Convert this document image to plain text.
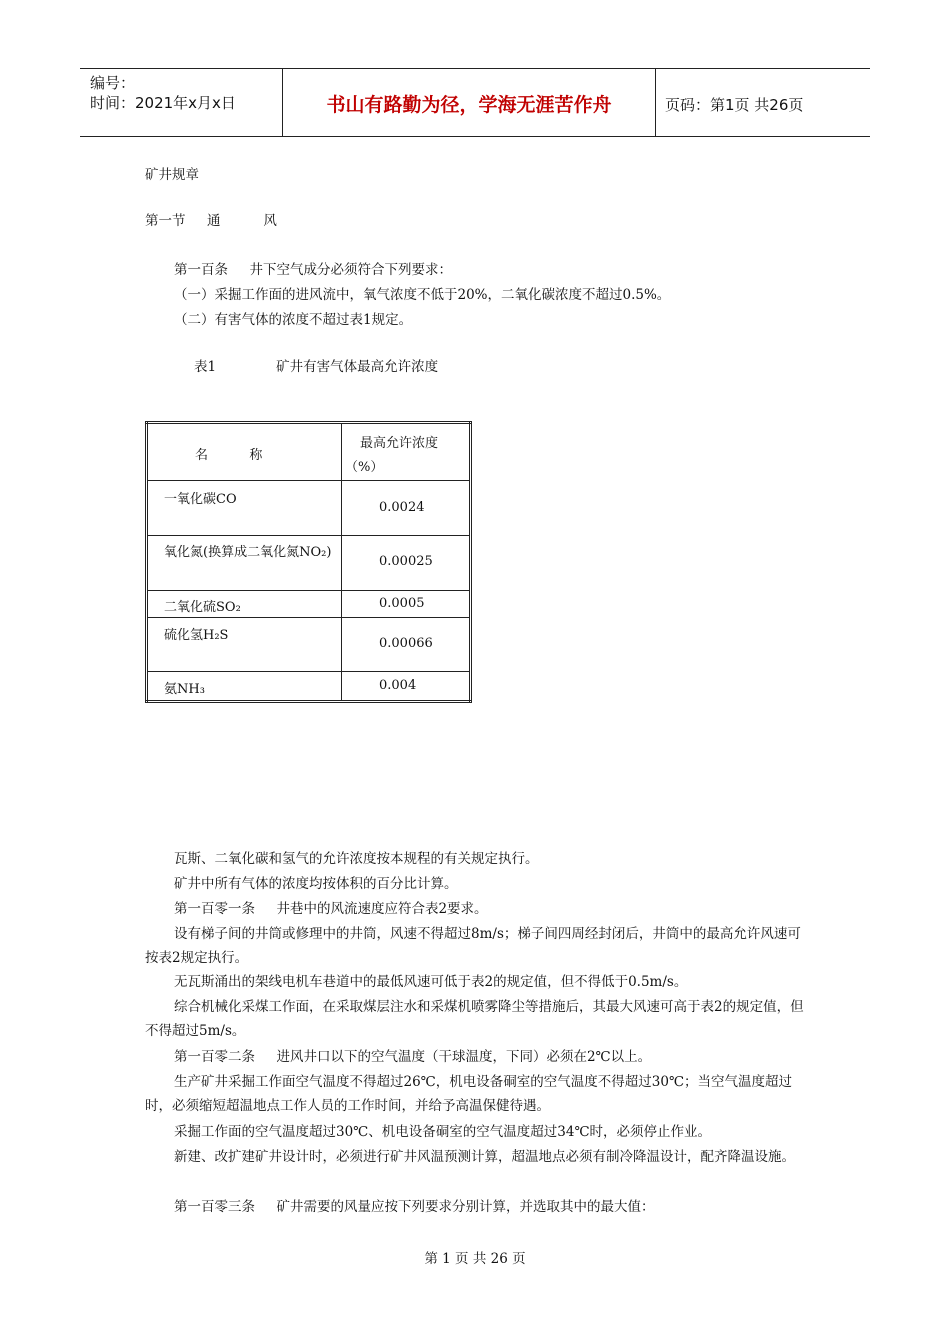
编号：
时间：2021年x月x日	书山有路勤为径，学海无涯苦作舟	页码：第1页 共26页
矿井规章
第一节     通          风
第一百条     井下空气成分必须符合下列要求：
（一）采掘工作面的进风流中，氧气浓度不低于20%，二氧化碳浓度不超过0.5%。
（二）有害气体的浓度不超过表1规定。
表1              矿井有害气体最高允许浓度
名          称	最高允许浓度（%）

一氧化碳CO	0.0024

氧化氮(换算成二氧化氮NO₂)	0.00025

二氧化硫SO₂	0.0005

硫化氢H₂S	0.00066

氨NH₃	0.004
瓦斯、二氧化碳和氢气的允许浓度按本规程的有关规定执行。
矿井中所有气体的浓度均按体积的百分比计算。
第一百零一条     井巷中的风流速度应符合表2要求。
设有梯子间的井筒或修理中的井筒，风速不得超过8m/s；梯子间四周经封闭后，井筒中的最高允许风速可按表2规定执行。
无瓦斯涌出的架线电机车巷道中的最低风速可低于表2的规定值，但不得低于0.5m/s。
综合机械化采煤工作面，在采取煤层注水和采煤机喷雾降尘等措施后，其最大风速可高于表2的规定值，但不得超过5m/s。
第一百零二条     进风井口以下的空气温度（干球温度，下同）必须在2℃以上。
生产矿井采掘工作面空气温度不得超过26℃，机电设备硐室的空气温度不得超过30℃；当空气温度超过时，必须缩短超温地点工作人员的工作时间，并给予高温保健待遇。
采掘工作面的空气温度超过30℃、机电设备硐室的空气温度超过34℃时，必须停止作业。
新建、改扩建矿井设计时，必须进行矿井风温预测计算，超温地点必须有制冷降温设计，配齐降温设施。
第一百零三条     矿井需要的风量应按下列要求分别计算，并选取其中的最大值：
第 1 页 共 26 页
